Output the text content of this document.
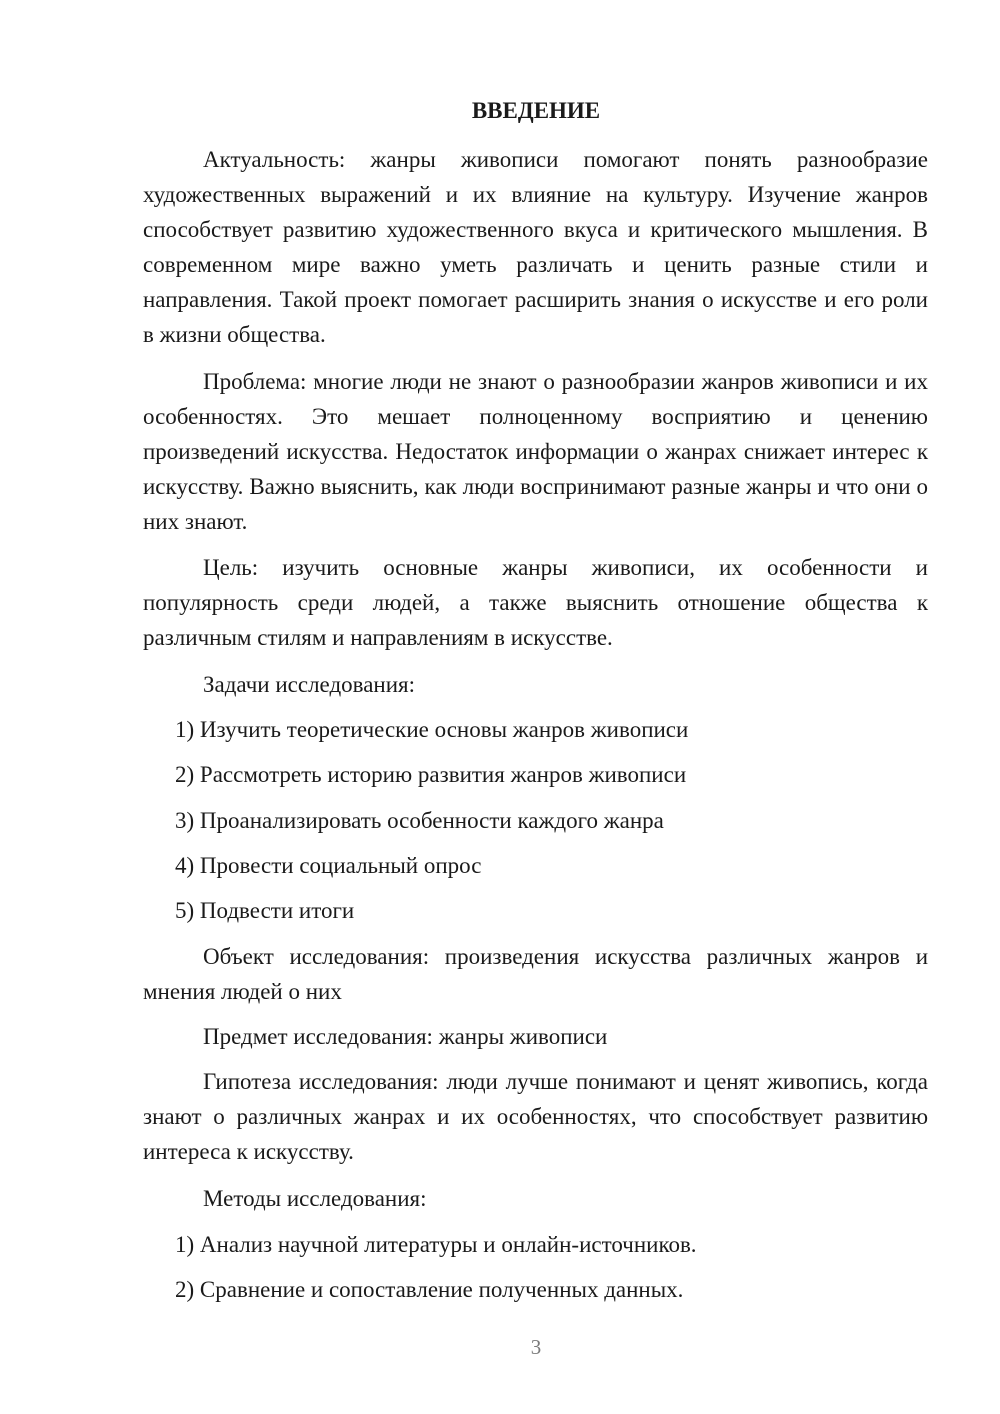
ВВЕДЕНИЕ
Актуальность: жанры живописи помогают понять разнообразие художественных выражений и их влияние на культуру. Изучение жанров способствует развитию художественного вкуса и критического мышления. В современном мире важно уметь различать и ценить разные стили и направления. Такой проект помогает расширить знания о искусстве и его роли в жизни общества.
Проблема: многие люди не знают о разнообразии жанров живописи и их особенностях. Это мешает полноценному восприятию и ценению произведений искусства. Недостаток информации о жанрах снижает интерес к искусству. Важно выяснить, как люди воспринимают разные жанры и что они о них знают.
Цель: изучить основные жанры живописи, их особенности и популярность среди людей, а также выяснить отношение общества к различным стилям и направлениям в искусстве.
Задачи исследования:
1) Изучить теоретические основы жанров живописи
2) Рассмотреть историю развития жанров живописи
3) Проанализировать особенности каждого жанра
4) Провести социальный опрос
5) Подвести итоги
Объект исследования: произведения искусства различных жанров и мнения людей о них
Предмет исследования: жанры живописи
Гипотеза исследования: люди лучше понимают и ценят живопись, когда знают о различных жанрах и их особенностях, что способствует развитию интереса к искусству.
Методы исследования:
1) Анализ научной литературы и онлайн-источников.
2) Сравнение и сопоставление полученных данных.
3
